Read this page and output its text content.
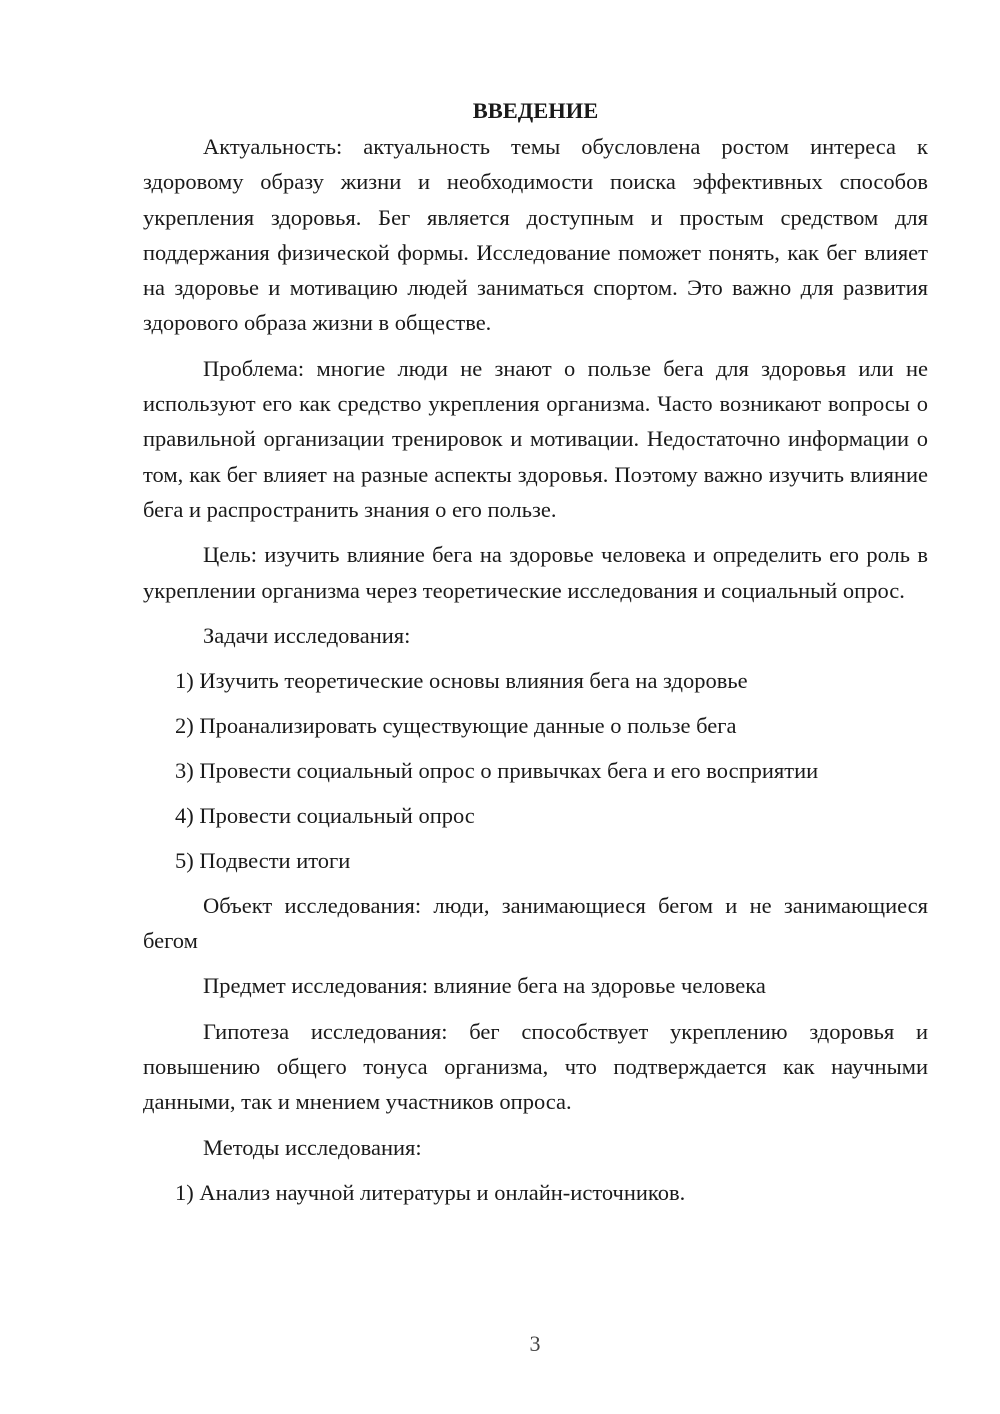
ВВЕДЕНИЕ

Актуальность: актуальность темы обусловлена ростом интереса к здоровому образу жизни и необходимости поиска эффективных способов укрепления здоровья. Бег является доступным и простым средством для поддержания физической формы. Исследование поможет понять, как бег влияет на здоровье и мотивацию людей заниматься спортом. Это важно для развития здорового образа жизни в обществе.

Проблема: многие люди не знают о пользе бега для здоровья или не используют его как средство укрепления организма. Часто возникают вопросы о правильной организации тренировок и мотивации. Недостаточно информации о том, как бег влияет на разные аспекты здоровья. Поэтому важно изучить влияние бега и распространить знания о его пользе.

Цель: изучить влияние бега на здоровье человека и определить его роль в укреплении организма через теоретические исследования и социальный опрос.

Задачи исследования:

1) Изучить теоретические основы влияния бега на здоровье
2) Проанализировать существующие данные о пользе бега
3) Провести социальный опрос о привычках бега и его восприятии
4) Провести социальный опрос
5) Подвести итоги

Объект исследования: люди, занимающиеся бегом и не занимающиеся бегом

Предмет исследования: влияние бега на здоровье человека

Гипотеза исследования: бег способствует укреплению здоровья и повышению общего тонуса организма, что подтверждается как научными данными, так и мнением участников опроса.

Методы исследования:

1) Анализ научной литературы и онлайн-источников.
3
